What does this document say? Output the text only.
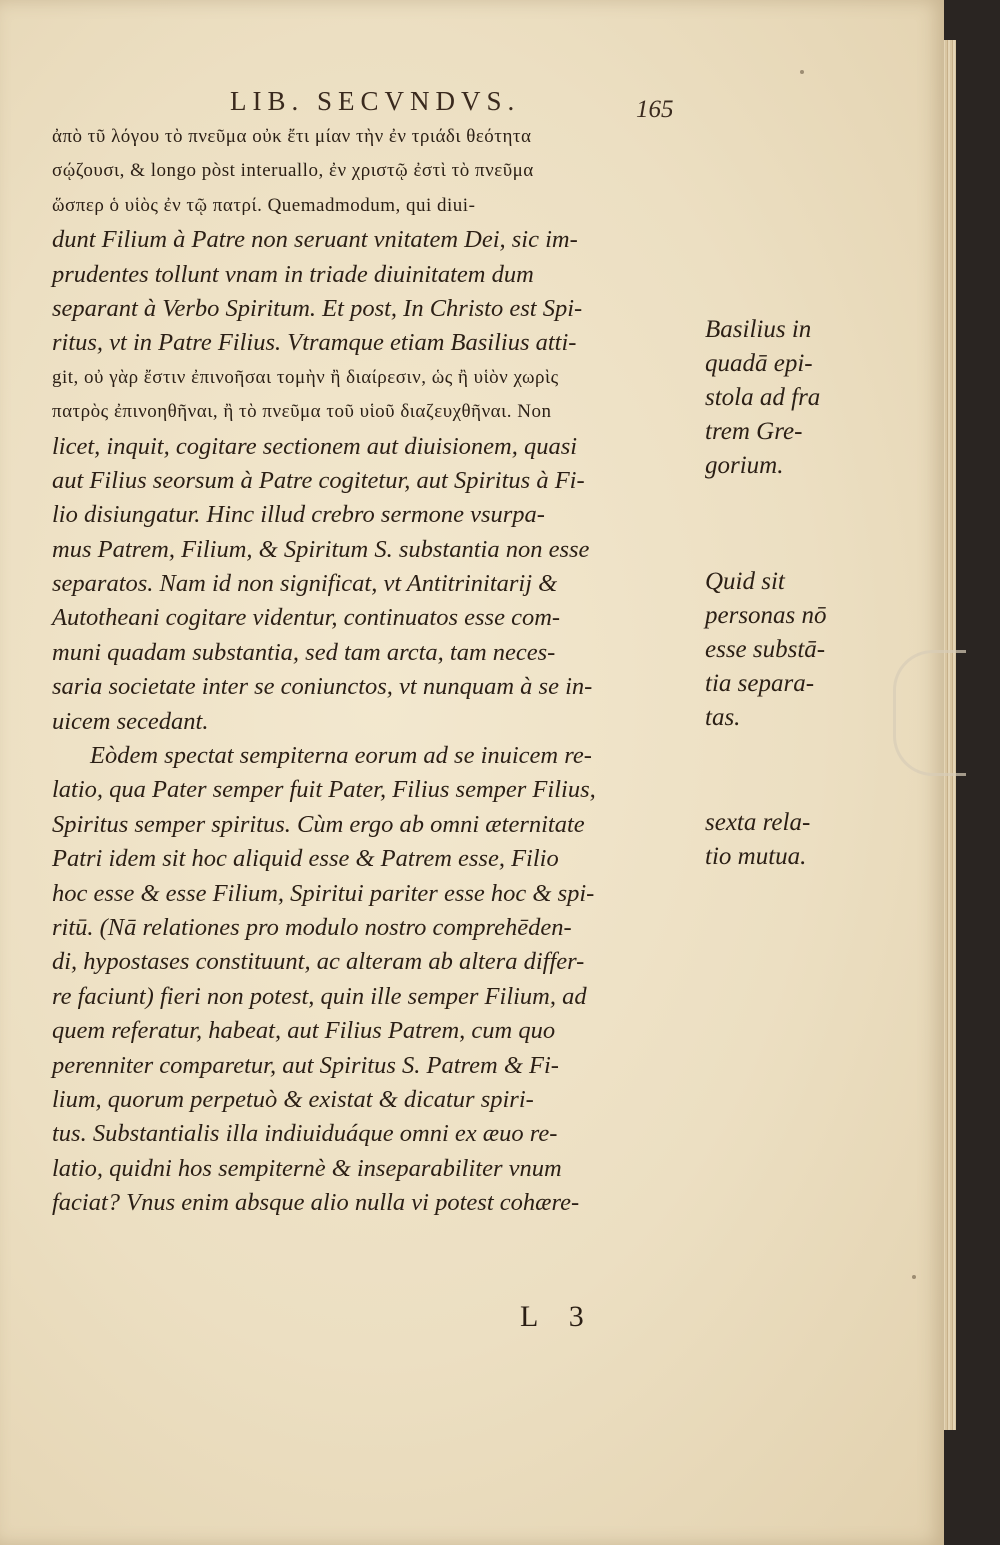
LIB. SECVNDVS.	165
ἀπὸ τῦ λόγου τὸ πνεῦμα οὐκ ἔτι μίαν τὴν ἐν τριάδι θεότητα
σῴζουσι, & longo pòst interuallo, ἐν χριστῷ ἐστὶ τὸ πνεῦμα
ὥσπερ ὁ υἱὸς ἐν τῷ πατρί. Quemadmodum, qui diui-
dunt Filium à Patre non seruant vnitatem Dei, sic im-
prudentes tollunt vnam in triade diuinitatem dum
separant à Verbo Spiritum. Et post, In Christo est Spi-
ritus, vt in Patre Filius. Vtramque etiam Basilius atti-
git, οὐ γὰρ ἔστιν ἐπινοῆσαι τομὴν ἢ διαίρεσιν, ὡς ἢ υἱὸν χωρὶς
πατρὸς ἐπινοηθῆναι, ἢ τὸ πνεῦμα τοῦ υἱοῦ διαζευχθῆναι. Non
licet, inquit, cogitare sectionem aut diuisionem, quasi
aut Filius seorsum à Patre cogitetur, aut Spiritus à Fi-
lio disiungatur. Hinc illud crebro sermone vsurpa-
mus Patrem, Filium, & Spiritum S. substantia non esse
separatos. Nam id non significat, vt Antitrinitarij &
Autotheani cogitare videntur, continuatos esse com-
muni quadam substantia, sed tam arcta, tam neces-
saria societate inter se coniunctos, vt nunquam à se in-
uicem secedant.
Eòdem spectat sempiterna eorum ad se inuicem re-
latio, qua Pater semper fuit Pater, Filius semper Filius,
Spiritus semper spiritus. Cùm ergo ab omni æternitate
Patri idem sit hoc aliquid esse & Patrem esse, Filio
hoc esse & esse Filium, Spiritui pariter esse hoc & spi-
ritū. (Nā relationes pro modulo nostro comprehēden-
di, hypostases constituunt, ac alteram ab altera differ-
re faciunt) fieri non potest, quin ille semper Filium, ad
quem referatur, habeat, aut Filius Patrem, cum quo
perenniter comparetur, aut Spiritus S. Patrem & Fi-
lium, quorum perpetuò & existat & dicatur spiri-
tus. Substantialis illa indiuiduáque omni ex æuo re-
latio, quidni hos sempiternè & inseparabiliter vnum
faciat? Vnus enim absque alio nulla vi potest cohære-
Basilius in
quadā epi-
stola ad fra
trem Gre-
gorium.
Quid sit
personas nō
esse substā-
tia separa-
tas.
sexta rela-
tio mutua.
L 3
